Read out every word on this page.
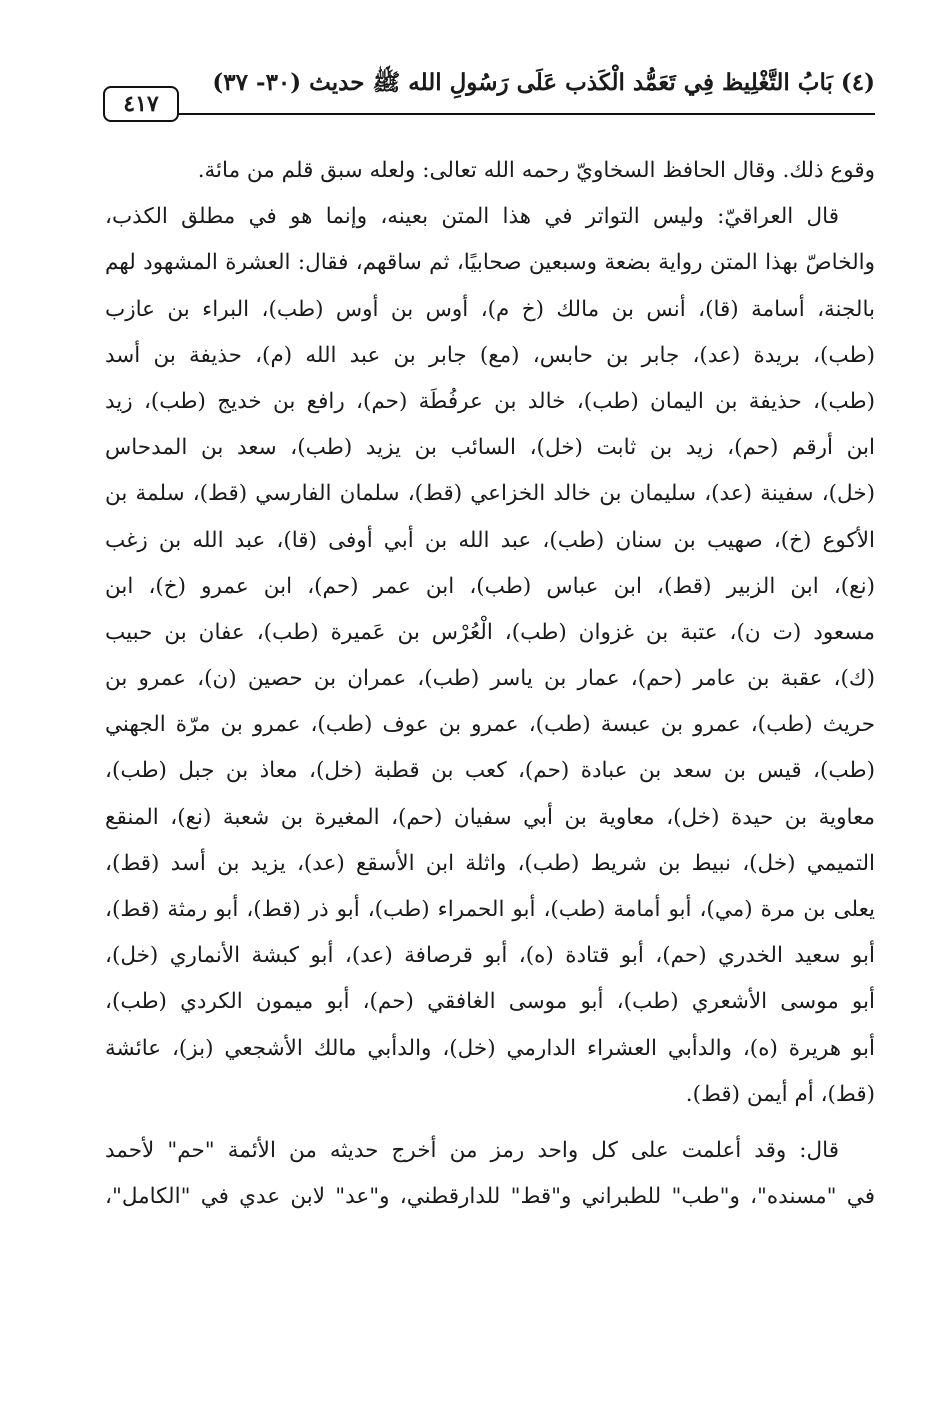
٤١٧
(٤) بَابُ التَّغْلِيظ فِي تَعَمُّد الْكَذب عَلَى رَسُولِ الله ﷺ حديث (٣٠- ٣٧)
وقوع ذلك. وقال الحافظ السخاويّ رحمه الله تعالى: ولعله سبق قلم من مائة.
قال العراقيّ: وليس التواتر في هذا المتن بعينه، وإنما هو في مطلق الكذب،
والخاصّ بهذا المتن رواية بضعة وسبعين صحابيًا، ثم ساقهم، فقال: العشرة المشهود لهم
بالجنة، أسامة (قا)، أنس بن مالك (خ م)، أوس بن أوس (طب)، البراء بن عازب
(طب)، بريدة (عد)، جابر بن حابس، (مع) جابر بن عبد الله (م)، حذيفة بن أسد
(طب)، حذيفة بن اليمان (طب)، خالد بن عرفُطَة (حم)، رافع بن خديج (طب)، زيد
ابن أرقم (حم)، زيد بن ثابت (خل)، السائب بن يزيد (طب)، سعد بن المدحاس
(خل)، سفينة (عد)، سليمان بن خالد الخزاعي (قط)، سلمان الفارسي (قط)، سلمة بن
الأكوع (خ)، صهيب بن سنان (طب)، عبد الله بن أبي أوفى (قا)، عبد الله بن زغب
(نع)، ابن الزبير (قط)، ابن عباس (طب)، ابن عمر (حم)، ابن عمرو (خ)، ابن
مسعود (ت ن)، عتبة بن غزوان (طب)، الْعُرْس بن عَميرة (طب)، عفان بن حبيب
(ك)، عقبة بن عامر (حم)، عمار بن ياسر (طب)، عمران بن حصين (ن)، عمرو بن
حريث (طب)، عمرو بن عبسة (طب)، عمرو بن عوف (طب)، عمرو بن مرّة الجهني
(طب)، قيس بن سعد بن عبادة (حم)، كعب بن قطبة (خل)، معاذ بن جبل (طب)،
معاوية بن حيدة (خل)، معاوية بن أبي سفيان (حم)، المغيرة بن شعبة (نع)، المنقع
التميمي (خل)، نبيط بن شريط (طب)، واثلة ابن الأسقع (عد)، يزيد بن أسد (قط)،
يعلى بن مرة (مي)، أبو أمامة (طب)، أبو الحمراء (طب)، أبو ذر (قط)، أبو رمثة (قط)،
أبو سعيد الخدري (حم)، أبو قتادة (ه)، أبو قرصافة (عد)، أبو كبشة الأنماري (خل)،
أبو موسى الأشعري (طب)، أبو موسى الغافقي (حم)، أبو ميمون الكردي (طب)،
أبو هريرة (ه)، والدأبي العشراء الدارمي (خل)، والدأبي مالك الأشجعي (بز)، عائشة
(قط)، أم أيمن (قط).
قال: وقد أعلمت على كل واحد رمز من أخرج حديثه من الأئمة "حم" لأحمد
في "مسنده"، و"طب" للطبراني و"قط" للدارقطني، و"عد" لابن عدي في "الكامل"،
